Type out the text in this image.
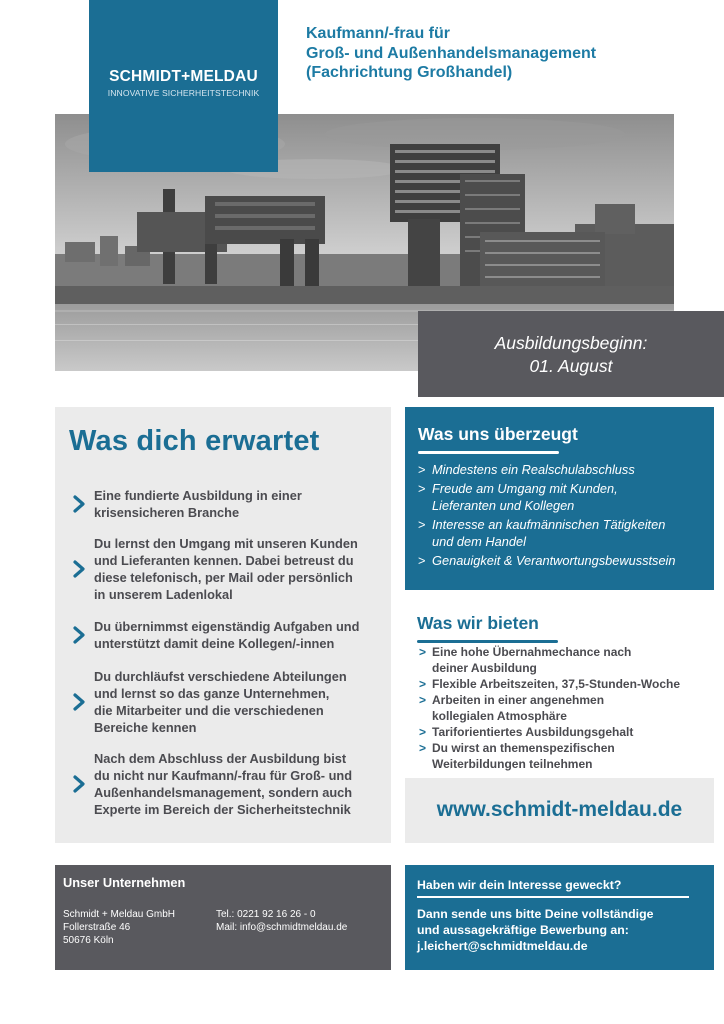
SCHMIDT+MELDAU
INNOVATIVE SICHERHEITSTECHNIK
Kaufmann/-frau für
Groß- und Außenhandelsmanagement
(Fachrichtung Großhandel)
Ausbildungsbeginn:
01. August
Was dich erwartet
Eine fundierte Ausbildung in einer
krisensicheren Branche
Du lernst den Umgang mit unseren Kunden
und Lieferanten kennen. Dabei betreust du
diese telefonisch, per Mail oder persönlich
in unserem Ladenlokal
Du übernimmst eigenständig Aufgaben und
unterstützt damit deine Kollegen/-innen
Du durchläufst verschiedene Abteilungen
und lernst so das ganze Unternehmen,
die Mitarbeiter und die verschiedenen
Bereiche kennen
Nach dem Abschluss der Ausbildung bist
du nicht nur Kaufmann/-frau für Groß- und
Außenhandelsmanagement, sondern auch
Experte im Bereich der Sicherheitstechnik
Was uns überzeugt
> Mindestens ein Realschulabschluss
> Freude am Umgang mit Kunden,
Lieferanten und Kollegen
> Interesse an kaufmännischen Tätigkeiten
und dem Handel
> Genauigkeit & Verantwortungsbewusstsein
Was wir bieten
> Eine hohe Übernahmechance nach
deiner Ausbildung
> Flexible Arbeitszeiten, 37,5-Stunden-Woche
> Arbeiten in einer angenehmen
kollegialen Atmosphäre
> Tariforientiertes Ausbildungsgehalt
> Du wirst an themenspezifischen
Weiterbildungen teilnehmen
www.schmidt-meldau.de
Unser Unternehmen
Schmidt + Meldau GmbH
Follerstraße 46
50676 Köln
Tel.: 0221 92 16 26 - 0
Mail: info@schmidtmeldau.de
Haben wir dein Interesse geweckt?
Dann sende uns bitte Deine vollständige
und aussagekräftige Bewerbung an:
j.leichert@schmidtmeldau.de
